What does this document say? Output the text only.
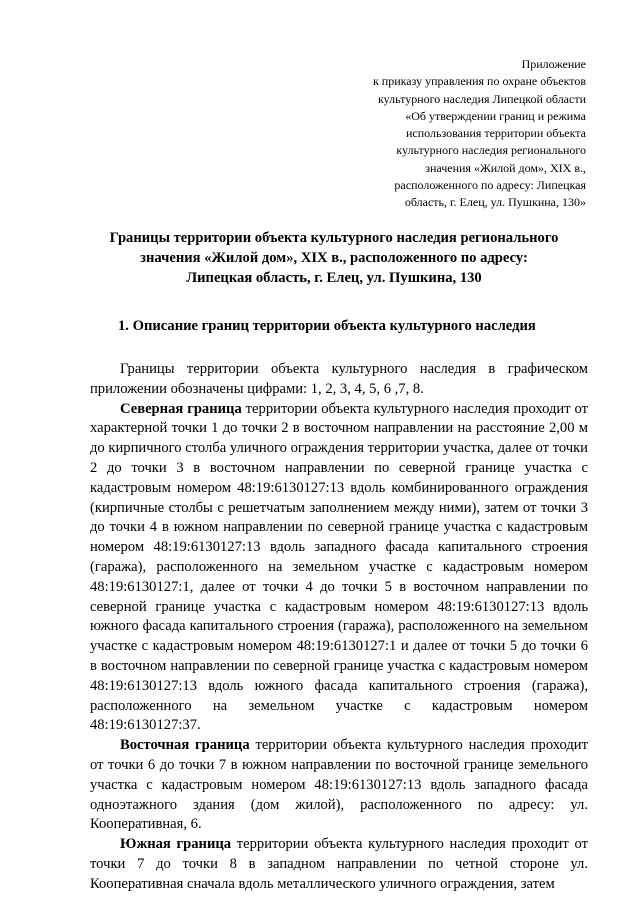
Приложение
к приказу управления по охране объектов
культурного наследия Липецкой области
«Об утверждении границ и режима
использования территории объекта
культурного наследия регионального
значения «Жилой дом», XIX в.,
расположенного по адресу: Липецкая
область, г. Елец, ул. Пушкина, 130»
Границы территории объекта культурного наследия регионального
значения «Жилой дом», XIX в., расположенного по адресу:
Липецкая область, г. Елец, ул. Пушкина, 130
1. Описание границ территории объекта культурного наследия

Границы территории объекта культурного наследия в графическом приложении обозначены цифрами: 1, 2, 3, 4, 5, 6 ,7, 8.

Северная граница территории объекта культурного наследия проходит от характерной точки 1 до точки 2 в восточном направлении на расстояние 2,00 м до кирпичного столба уличного ограждения территории участка, далее от точки 2 до точки 3 в восточном направлении по северной границе участка с кадастровым номером 48:19:6130127:13 вдоль комбинированного ограждения (кирпичные столбы с решетчатым заполнением между ними), затем от точки 3 до точки 4 в южном направлении по северной границе участка с кадастровым номером 48:19:6130127:13 вдоль западного фасада капитального строения (гаража), расположенного на земельном участке с кадастровым номером 48:19:6130127:1, далее от точки 4 до точки 5 в восточном направлении по северной границе участка с кадастровым номером 48:19:6130127:13 вдоль южного фасада капитального строения (гаража), расположенного на земельном участке с кадастровым номером 48:19:6130127:1 и далее от точки 5 до точки 6 в восточном направлении по северной границе участка с кадастровым номером 48:19:6130127:13 вдоль южного фасада капитального строения (гаража), расположенного на земельном участке с кадастровым номером 48:19:6130127:37.

Восточная граница территории объекта культурного наследия проходит от точки 6 до точки 7 в южном направлении по восточной границе земельного участка с кадастровым номером 48:19:6130127:13 вдоль западного фасада одноэтажного здания (дом жилой), расположенного по адресу: ул. Кооперативная, 6.

Южная граница территории объекта культурного наследия проходит от точки 7 до точки 8 в западном направлении по четной стороне ул. Кооперативная сначала вдоль металлического уличного ограждения, затем
